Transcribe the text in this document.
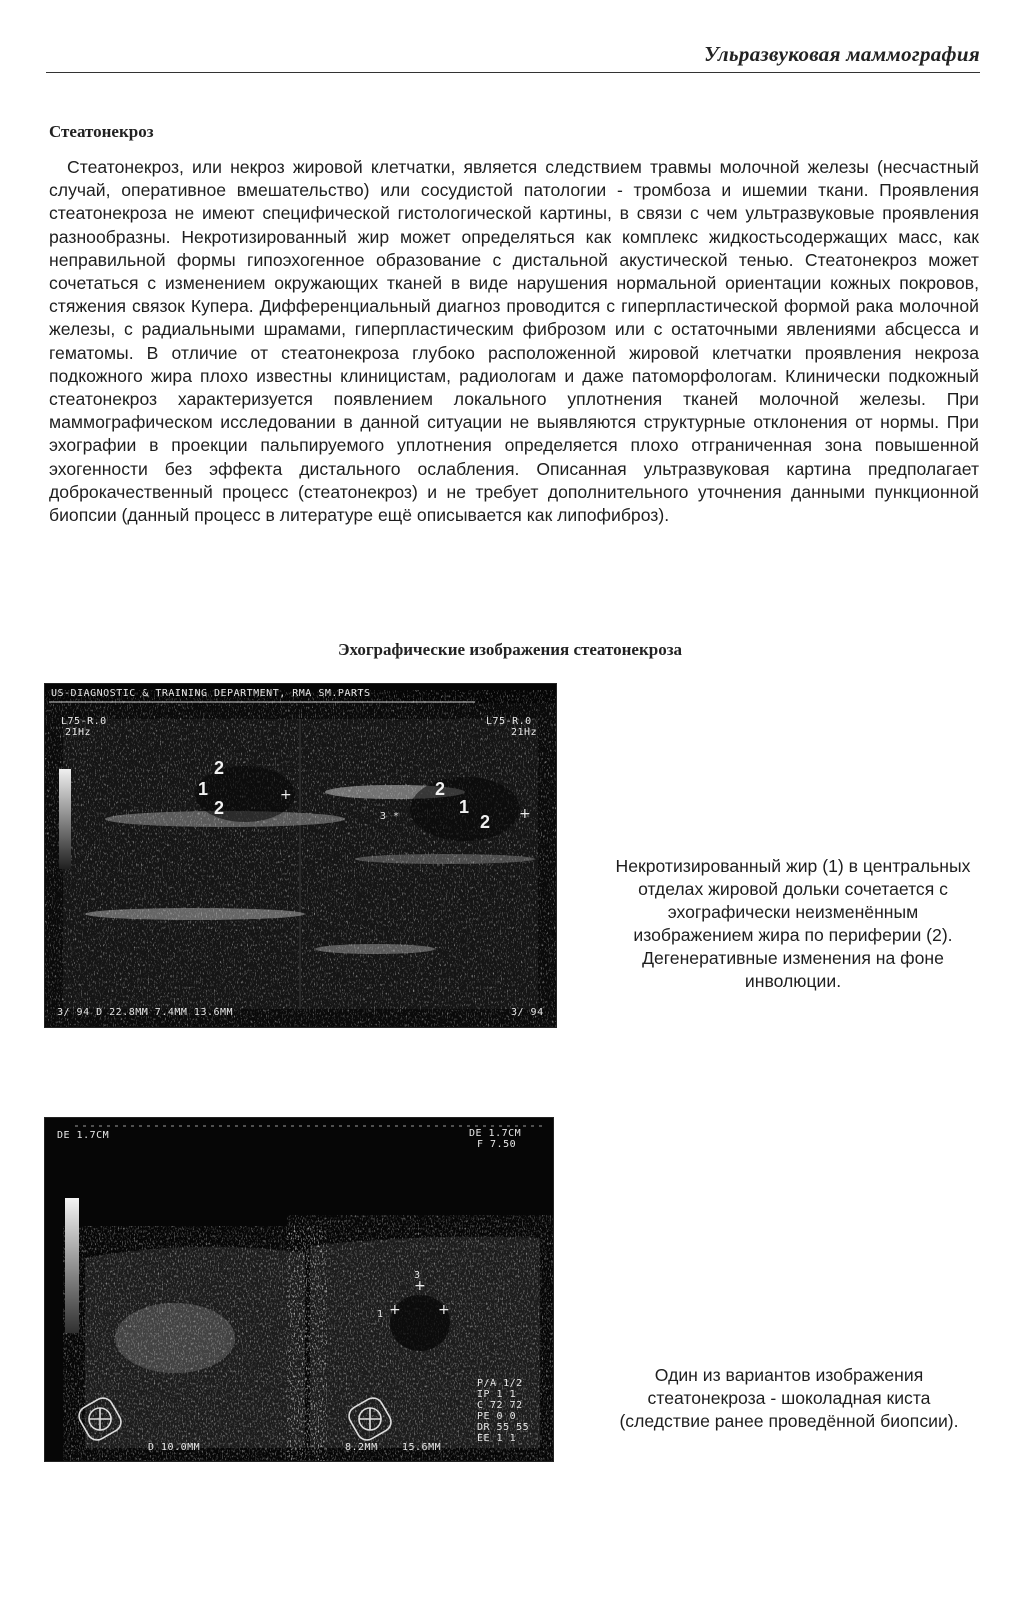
Ульразвуковая маммография
Стеатонекроз

Стеатонекроз, или некроз жировой клетчатки, является следствием травмы молочной железы (несчастный случай, оперативное вмешательство) или сосудистой патологии - тромбоза и ишемии ткани. Проявления стеатонекроза не имеют специфической гистологической картины, в связи с чем ультразвуковые проявления разнообразны. Некротизированный жир может определяться как комплекс жидкостьсодержащих масс, как неправильной формы гипоэхогенное образование с дистальной акустической тенью. Стеатонекроз может сочетаться с изменением окружающих тканей в виде нарушения нормальной ориентации кожных покровов, стяжения связок Купера. Дифференциальный диагноз проводится с гиперпластической формой рака молочной железы, с радиальными шрамами, гиперпластическим фиброзом или с остаточными явлениями абсцесса и гематомы. В отличие от стеатонекроза глубоко расположенной жировой клетчатки проявления некроза подкожного жира плохо известны клиницистам, радиологам и даже патоморфологам. Клинически подкожный стеатонекроз характеризуется появлением локального уплотнения тканей молочной железы. При маммографическом исследовании в данной ситуации не выявляются структурные отклонения от нормы. При эхографии в проекции пальпируемого уплотнения определяется плохо отграниченная зона повышенной эхогенности без эффекта дистального ослабления. Описанная ультразвуковая картина предполагает доброкачественный процесс (стеатонекроз) и не требует дополнительного уточнения данными пункционной биопсии (данный процесс в литературе ещё описывается как липофиброз).

Эхографические изображения стеатонекроза
US-DIAGNOSTIC & TRAINING DEPARTMENT, RMA SM.PARTS
L75-R.0
21Hz
L75-R.0
21Hz
2
1
2
+
3 *
2
1
2 +
3/ 94 D 22.8MM 7.4MM 13.6MM	3/ 94
Некротизированный жир (1) в центральных отделах жировой дольки сочетается с эхографически неизменённым изображением жира по периферии (2). Дегенеративные изменения на фоне инволюции.
DE 1.7CM	DE 1.7CM
F 7.50
3
+
1 +	+
P/A 1/2
IP 1 1
C 72 72
PE 0 0
DR 55 55
EE 1 1
D 10.0MM	8.2MM 15.6MM
Один из вариантов изображения стеатонекроза - шоколадная киста (следствие ранее проведённой биопсии).
